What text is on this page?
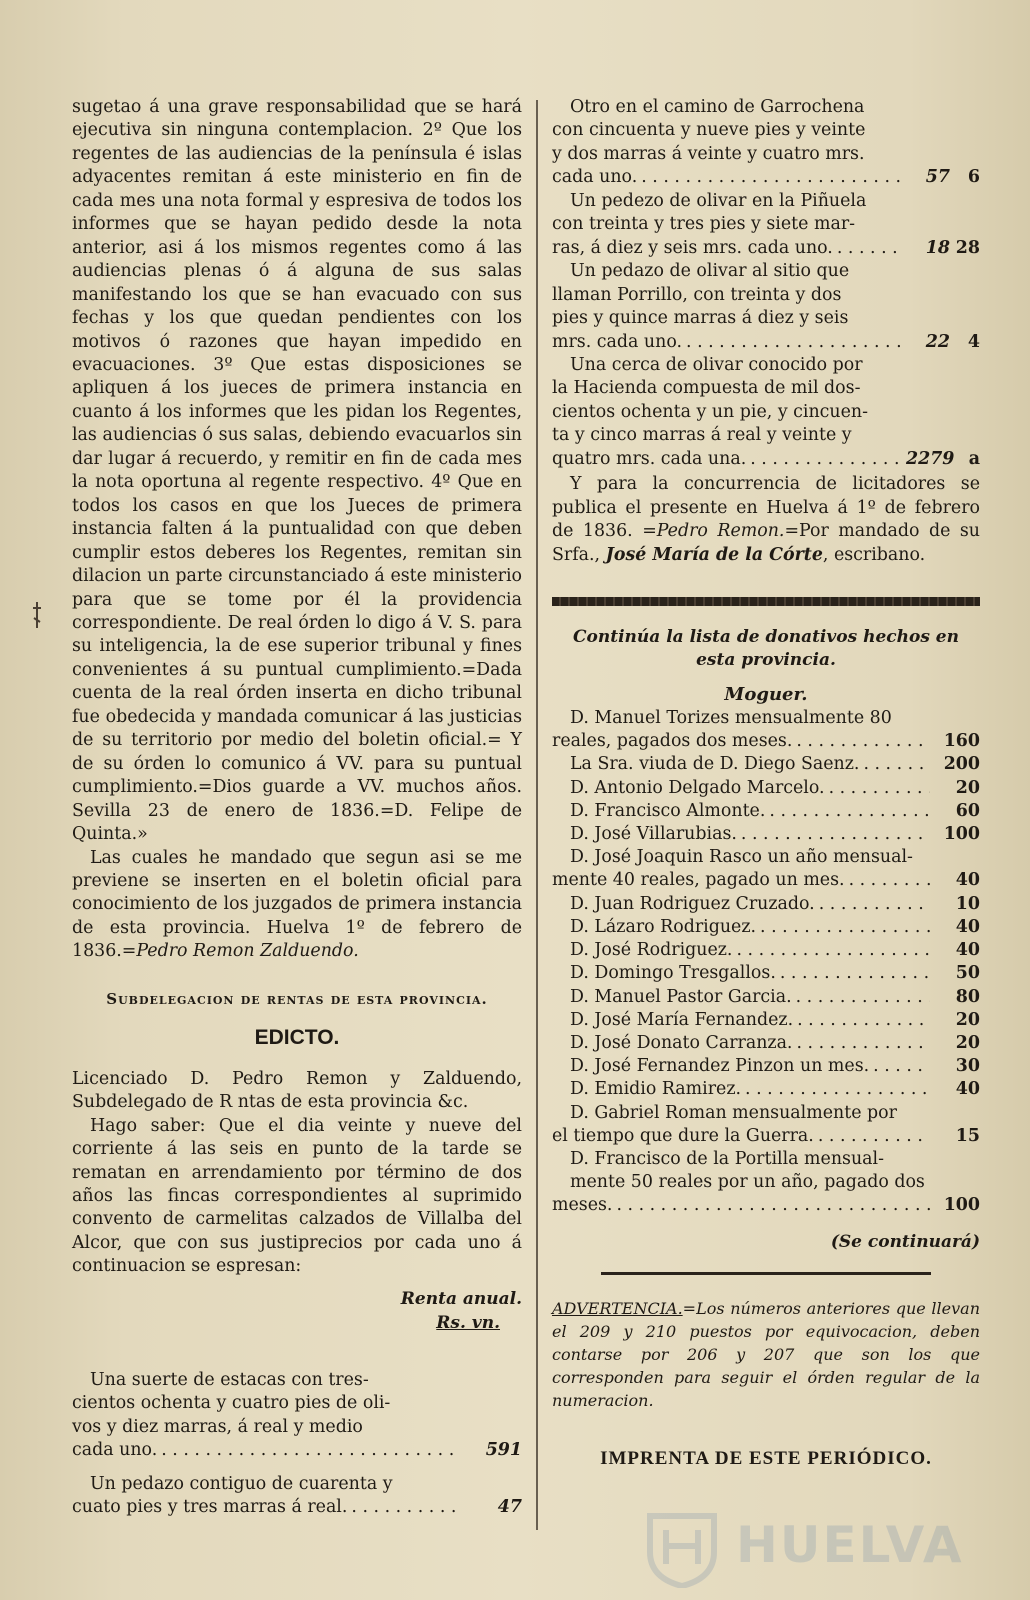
sugetao á una grave responsabilidad que se hará ejecutiva sin ninguna contemplacion. 2º Que los regentes de las audiencias de la península é islas adyacentes remitan á este ministerio en fin de cada mes una nota formal y espresiva de todos los informes que se hayan pedido desde la nota anterior, asi á los mismos regentes como á las audiencias plenas ó á alguna de sus salas manifestando los que se han evacuado con sus fechas y los que quedan pendientes con los motivos ó razones que hayan impedido en evacuaciones. 3º Que estas disposiciones se apliquen á los jueces de primera instancia en cuanto á los informes que les pidan los Regentes, las audiencias ó sus salas, debiendo evacuarlos sin dar lugar á recuerdo, y remitir en fin de cada mes la nota oportuna al regente respectivo. 4º Que en todos los casos en que los Jueces de primera instancia falten á la puntualidad con que deben cumplir estos deberes los Regentes, remitan sin dilacion un parte circunstanciado á este ministerio para que se tome por él la providencia correspondiente. De real órden lo digo á V. S. para su inteligencia, la de ese superior tribunal y fines convenientes á su puntual cumplimiento.=Dada cuenta de la real órden inserta en dicho tribunal fue obedecida y mandada comunicar á las justicias de su territorio por medio del boletin oficial.= Y de su órden lo comunico á VV. para su puntual cumplimiento.=Dios guarde a VV. muchos años. Sevilla 23 de enero de 1836.=D. Felipe de Quinta.»

Las cuales he mandado que segun asi se me previene se inserten en el boletin oficial para conocimiento de los juzgados de primera instancia de esta provincia. Huelva 1º de febrero de 1836.=Pedro Remon Zalduendo.

Subdelegacion de rentas de esta provincia.
EDICTO.

Licenciado D. Pedro Remon y Zalduendo, Subdelegado de R ntas de esta provincia &c.

Hago saber: Que el dia veinte y nueve del corriente á las seis en punto de la tarde se rematan en arrendamiento por término de dos años las fincas correspondientes al suprimido convento de carmelitas calzados de Villalba del Alcor, que con sus justiprecios por cada uno á continuacion se espresan:

Renta anual.
Rs. vn.
Una suerte de estacas con tres-
cientos ochenta y cuatro pies de oli-
vos y diez marras, á real y medio
cada uno. . . .	591
Un pedazo contiguo de cuarenta y
cuato pies y tres marras á real. . . .	47
Otro en el camino de Garrochena
con cincuenta y nueve pies y veinte
y dos marras á veinte y cuatro mrs.
cada uno. . . .	57	6
Un pedezo de olivar en la Piñuela
con treinta y tres pies y siete mar-
ras, á diez y seis mrs. cada uno. . . .	18 28
Un pedazo de olivar al sitio que
llaman Porrillo, con treinta y dos
pies y quince marras á diez y seis
mrs. cada uno. . . .	22	4
Una cerca de olivar conocido por
la Hacienda compuesta de mil dos-
cientos ochenta y un pie, y cincuen-
ta y cinco marras á real y veinte y
quatro mrs. cada una. . . .	2279 a

Y para la concurrencia de licitadores se publica el presente en Huelva á 1º de febrero de 1836. =Pedro Remon.=Por mandado de su Srfa., José María de la Córte, escribano.

Continúa la lista de donativos hechos en esta provincia.
Moguer.
D. Manuel Torizes mensualmente 80
reales, pagados dos meses. . . .	160
La Sra. viuda de D. Diego Saenz. . . .	200
D. Antonio Delgado Marcelo. . . .	20
D. Francisco Almonte. . . .	60
D. José Villarubias. . . .	100
D. José Joaquin Rasco un año mensual-
mente 40 reales, pagado un mes. . . .	40
D. Juan Rodriguez Cruzado. . . .	10
D. Lázaro Rodriguez. . . .	40
D. José Rodriguez. . . .	40
D. Domingo Tresgallos. . . .	50
D. Manuel Pastor Garcia. . . .	80
D. José María Fernandez. . . .	20
D. José Donato Carranza. . . .	20
D. José Fernandez Pinzon un mes. . . .	30
D. Emidio Ramirez. . . .	40
D. Gabriel Roman mensualmente por
el tiempo que dure la Guerra. . . .	15
D. Francisco de la Portilla mensual-
mente 50 reales por un año, pagado dos
meses. . . .	100
(Se continuará)

ADVERTENCIA.=Los números anteriores que llevan el 209 y 210 puestos por equivocacion, deben contarse por 206 y 207 que son los que corresponden para seguir el órden regular de la numeracion.

IMPRENTA DE ESTE PERIÓDICO.
HUELVA
